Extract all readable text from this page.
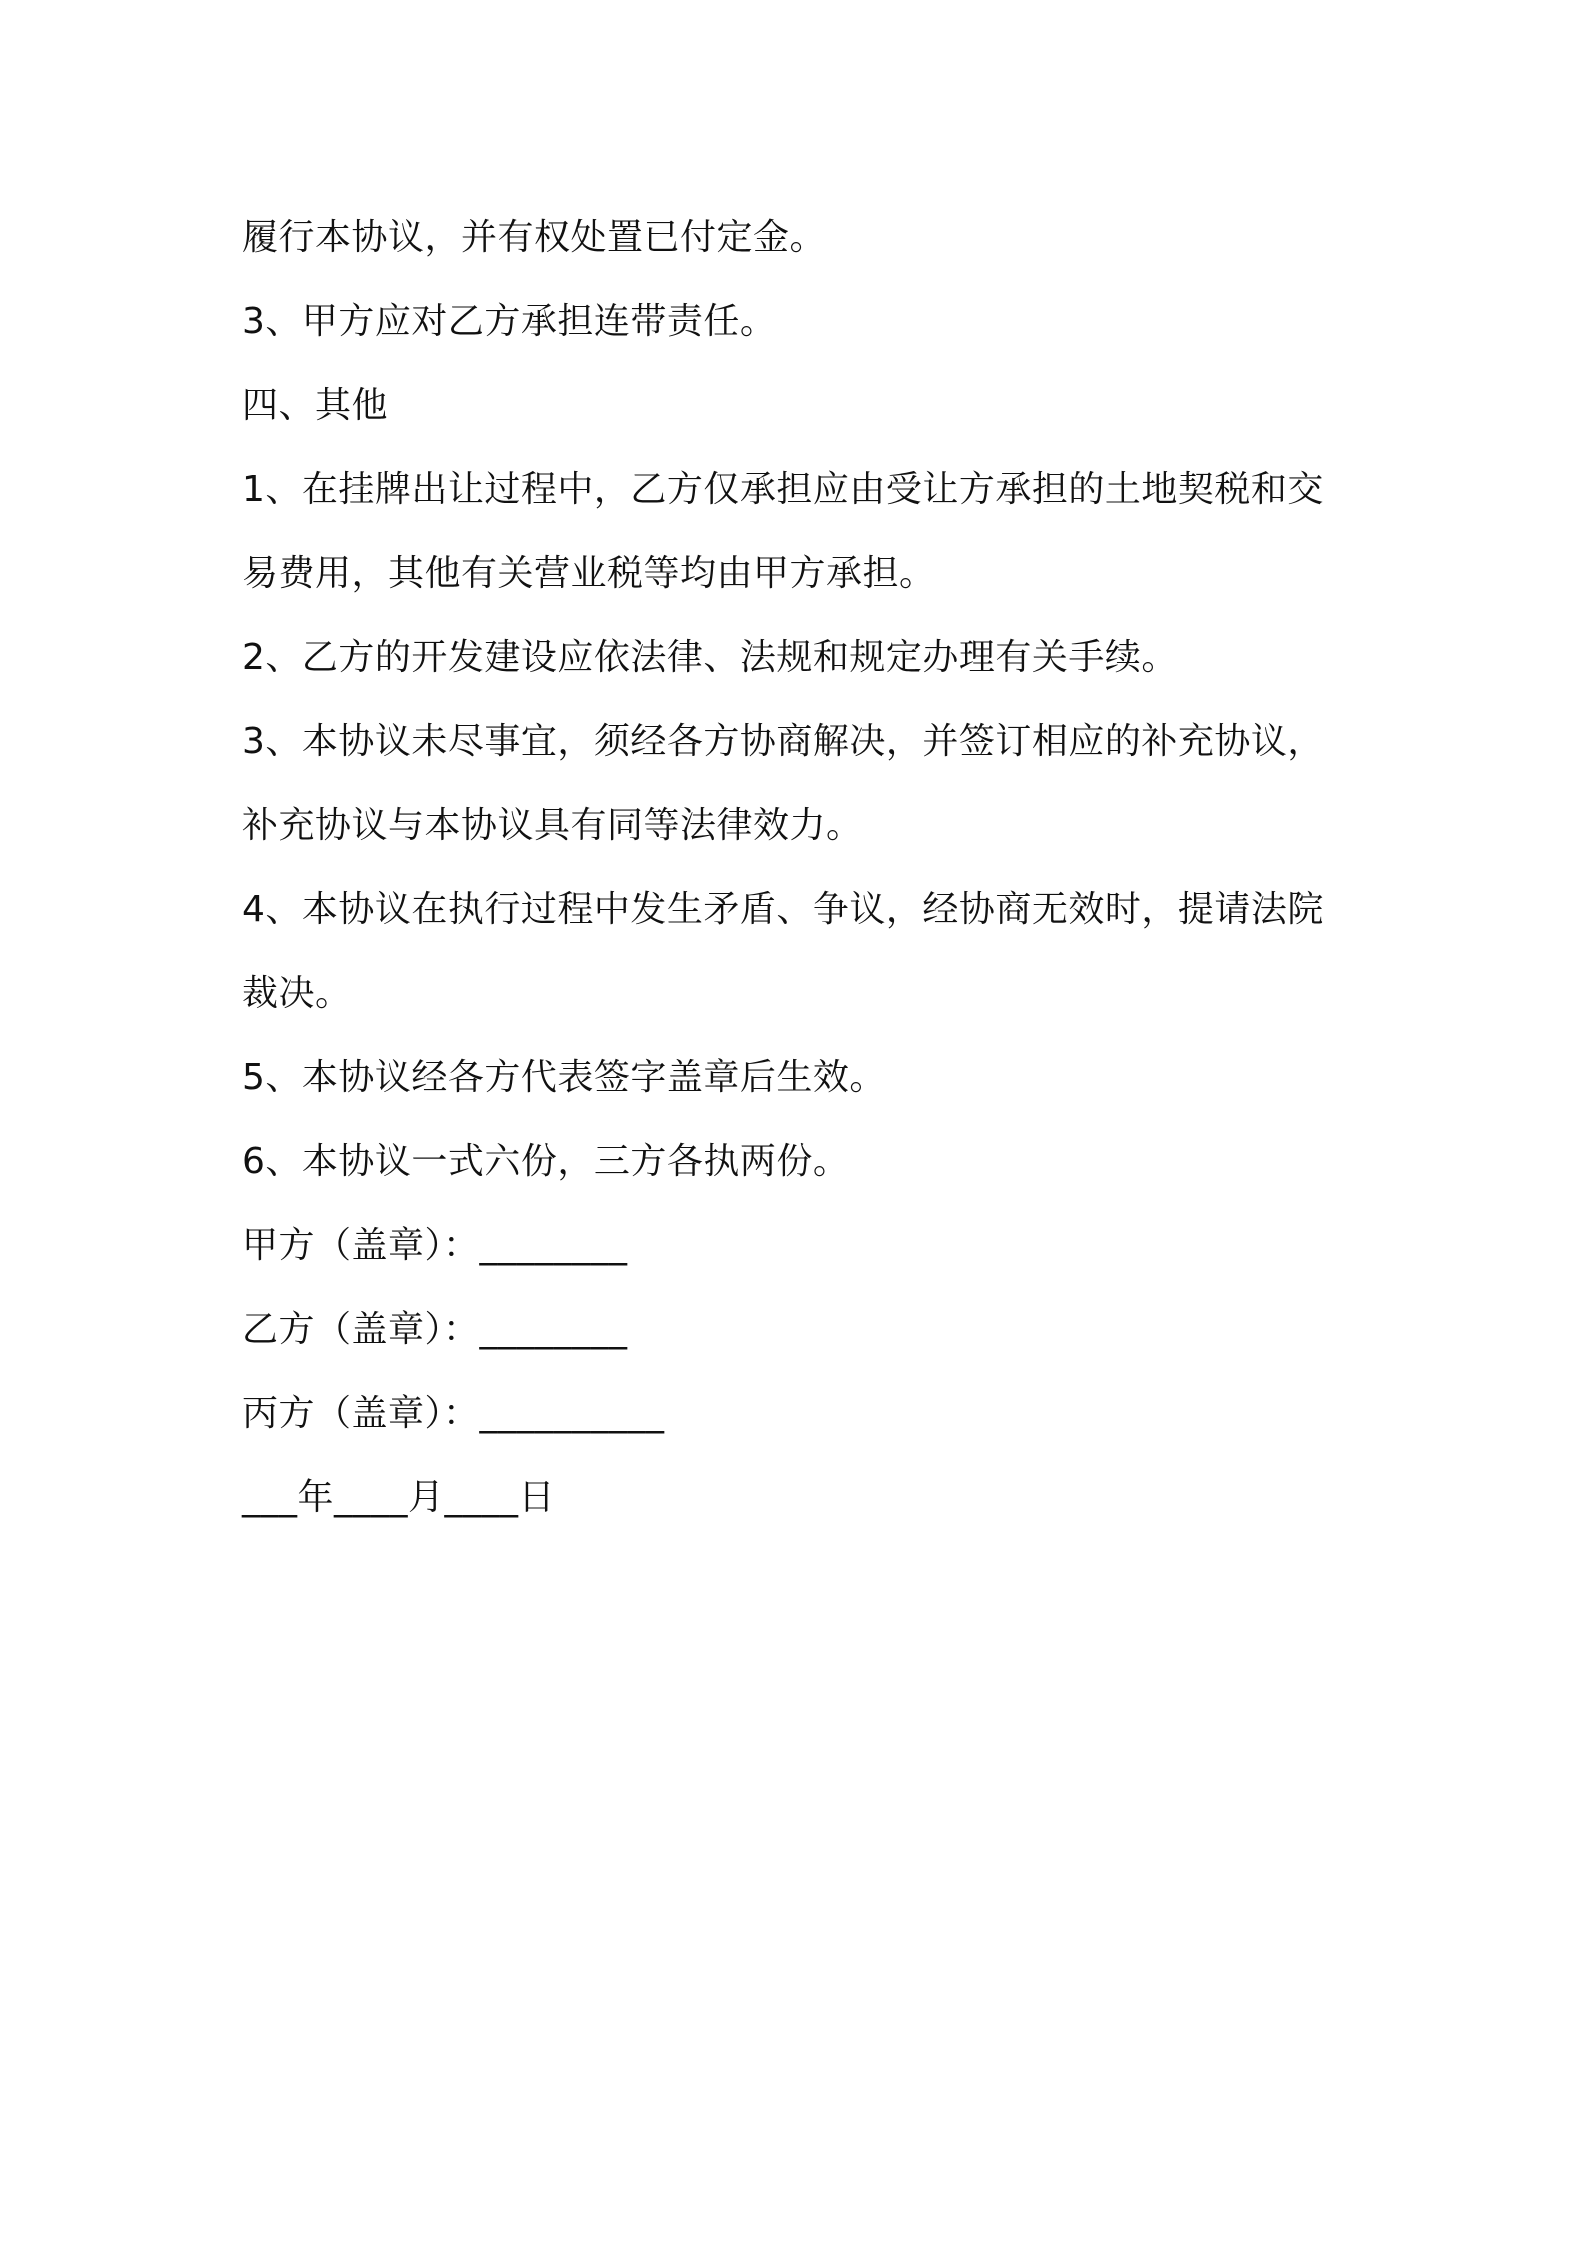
履行本协议，并有权处置已付定金。
3、甲方应对乙方承担连带责任。
四、其他
1、在挂牌出让过程中，乙方仅承担应由受让方承担的土地契税和交
易费用，其他有关营业税等均由甲方承担。
2、乙方的开发建设应依法律、法规和规定办理有关手续。
3、本协议未尽事宜，须经各方协商解决，并签订相应的补充协议，
补充协议与本协议具有同等法律效力。
4、本协议在执行过程中发生矛盾、争议，经协商无效时，提请法院
裁决。
5、本协议经各方代表签字盖章后生效。
6、本协议一式六份，三方各执两份。
甲方（盖章）：________
乙方（盖章）：________
丙方（盖章）：__________
___年____月____日
